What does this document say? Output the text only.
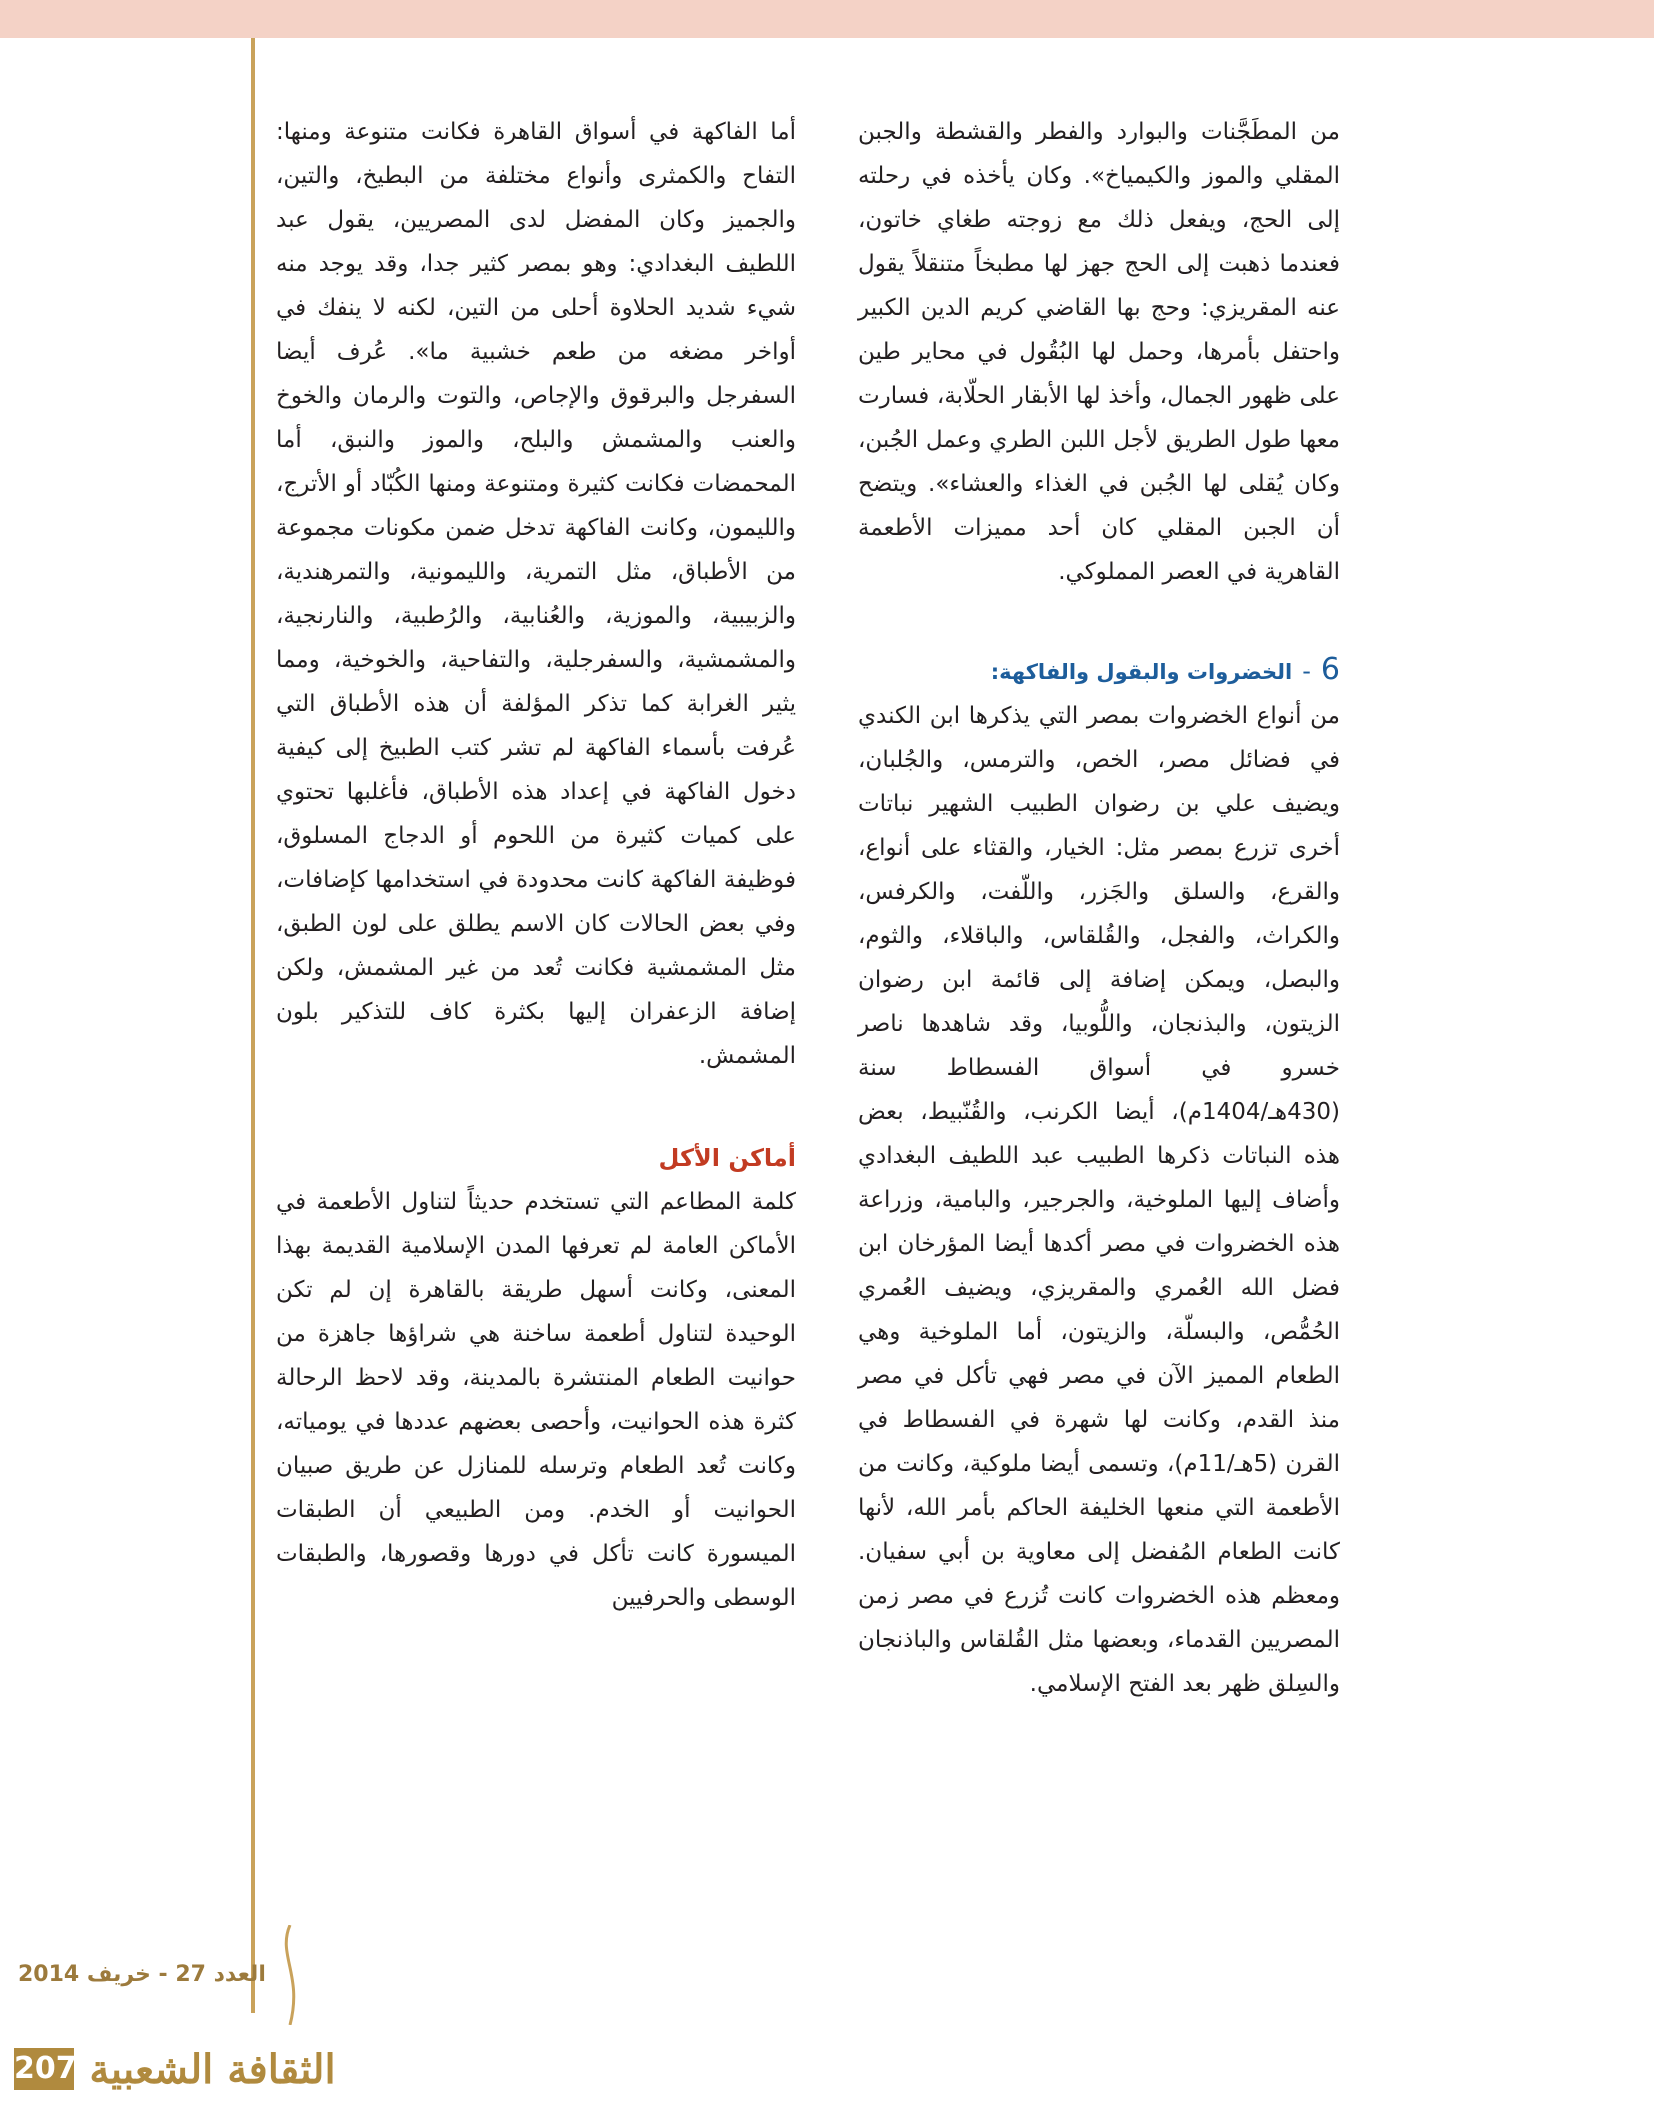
من المطَجَّنات والبوارد والفطر والقشطة والجبن المقلي والموز والكيمياخ». وكان يأخذه في رحلته إلى الحج، ويفعل ذلك مع زوجته طغاي خاتون، فعندما ذهبت إلى الحج جهز لها مطبخاً متنقلاً يقول عنه المقريزي: وحج بها القاضي كريم الدين الكبير واحتفل بأمرها، وحمل لها البُقُول في محاير طين على ظهور الجمال، وأخذ لها الأبقار الحلّابة، فسارت معها طول الطريق لأجل اللبن الطري وعمل الجُبن، وكان يُقلى لها الجُبن في الغذاء والعشاء». ويتضح أن الجبن المقلي كان أحد مميزات الأطعمة القاهرية في العصر المملوكي.

6
-
الخضروات والبقول والفاكهة:

من أنواع الخضروات بمصر التي يذكرها ابن الكندي في فضائل مصر، الخص، والترمس، والجُلبان، ويضيف علي بن رضوان الطبيب الشهير نباتات أخرى تزرع بمصر مثل: الخيار، والقثاء على أنواع، والقرع، والسلق والجَزر، واللّفت، والكرفس، والكراث، والفجل، والقُلقاس، والباقلاء، والثوم، والبصل، ويمكن إضافة إلى قائمة ابن رضوان الزيتون، والبذنجان، واللُّوبيا، وقد شاهدها ناصر خسرو في أسواق الفسطاط سنة (430هـ/1404م)، أيضا الكرنب، والقُنّبيط، بعض هذه النباتات ذكرها الطبيب عبد اللطيف البغدادي وأضاف إليها الملوخية، والجرجير، والبامية، وزراعة هذه الخضروات في مصر أكدها أيضا المؤرخان ابن فضل الله العُمري والمقريزي، ويضيف العُمري الحُمُّص، والبسلّة، والزيتون، أما الملوخية وهي الطعام المميز الآن في مصر فهي تأكل في مصر منذ القدم، وكانت لها شهرة في الفسطاط في القرن (5هـ/11م)، وتسمى أيضا ملوكية، وكانت من الأطعمة التي منعها الخليفة الحاكم بأمر الله، لأنها كانت الطعام المُفضل إلى معاوية بن أبي سفيان. ومعظم هذه الخضروات كانت تُزرع في مصر زمن المصريين القدماء، وبعضها مثل القُلقاس والباذنجان والسِلق ظهر بعد الفتح الإسلامي.

أما الفاكهة في أسواق القاهرة فكانت متنوعة ومنها: التفاح والكمثرى وأنواع مختلفة من البطيخ، والتين، والجميز وكان المفضل لدى المصريين، يقول عبد اللطيف البغدادي: وهو بمصر كثير جدا، وقد يوجد منه شيء شديد الحلاوة أحلى من التين، لكنه لا ينفك في أواخر مضغه من طعم خشبية ما». عُرف أيضا السفرجل والبرقوق والإجاص، والتوت والرمان والخوخ والعنب والمشمش والبلح، والموز والنبق، أما المحمضات فكانت كثيرة ومتنوعة ومنها الكُبّاد أو الأترج، والليمون، وكانت الفاكهة تدخل ضمن مكونات مجموعة من الأطباق، مثل التمرية، والليمونية، والتمرهندية، والزبيبية، والموزية، والعُنابية، والرُطبية، والنارنجية، والمشمشية، والسفرجلية، والتفاحية، والخوخية، ومما يثير الغرابة كما تذكر المؤلفة أن هذه الأطباق التي عُرفت بأسماء الفاكهة لم تشر كتب الطبيخ إلى كيفية دخول الفاكهة في إعداد هذه الأطباق، فأغلبها تحتوي على كميات كثيرة من اللحوم أو الدجاج المسلوق، فوظيفة الفاكهة كانت محدودة في استخدامها كإضافات، وفي بعض الحالات كان الاسم يطلق على لون الطبق، مثل المشمشية فكانت تُعد من غير المشمش، ولكن إضافة الزعفران إليها بكثرة كاف للتذكير بلون المشمش.

أماكن الأكل

كلمة المطاعم التي تستخدم حديثاً لتناول الأطعمة في الأماكن العامة لم تعرفها المدن الإسلامية القديمة بهذا المعنى، وكانت أسهل طريقة بالقاهرة إن لم تكن الوحيدة لتناول أطعمة ساخنة هي شراؤها جاهزة من حوانيت الطعام المنتشرة بالمدينة، وقد لاحظ الرحالة كثرة هذه الحوانيت، وأحصى بعضهم عددها في يومياته، وكانت تُعد الطعام وترسله للمنازل عن طريق صبيان الحوانيت أو الخدم. ومن الطبيعي أن الطبقات الميسورة كانت تأكل في دورها وقصورها، والطبقات الوسطى والحرفيين

العدد 27 - خريف 2014
الثقافة الشعبية
207
